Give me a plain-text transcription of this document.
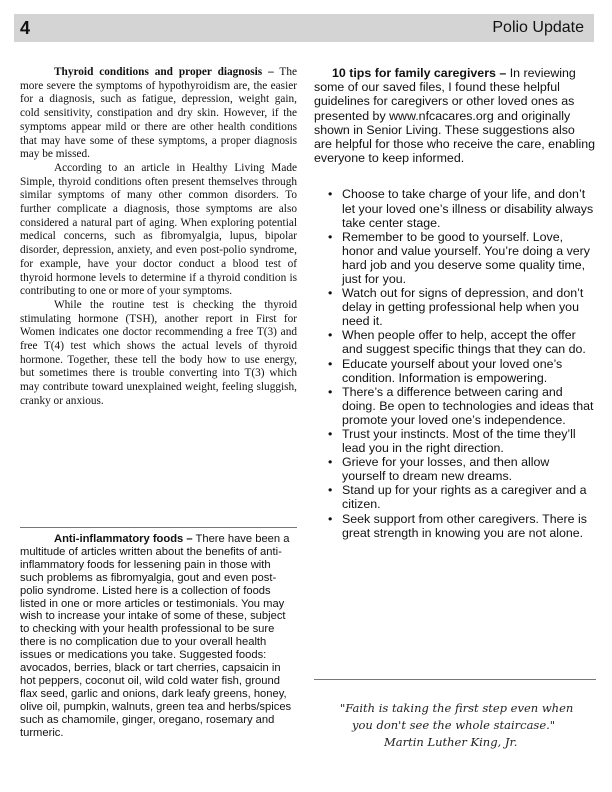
4	Polio Update

Thyroid conditions and proper diagnosis – The more severe the symptoms of hypothyroidism are, the easier for a diagnosis, such as fatigue, depression, weight gain, cold sensitivity, constipation and dry skin. However, if the symptoms appear mild or there are other health conditions that may have some of these symptoms, a proper diagnosis may be missed.

According to an article in Healthy Living Made Simple, thyroid conditions often present themselves through similar symptoms of many other common disorders. To further complicate a diagnosis, those symptoms are also considered a natural part of aging. When exploring potential medical concerns, such as fibromyalgia, lupus, bipolar disorder, depression, anxiety, and even post-polio syndrome, for example, have your doctor conduct a blood test of thyroid hormone levels to determine if a thyroid condition is contributing to one or more of your symptoms.

While the routine test is checking the thyroid stimulating hormone (TSH), another report in First for Women indicates one doctor recommending a free T(3) and free T(4) test which shows the actual levels of thyroid hormone. Together, these tell the body how to use energy, but sometimes there is trouble converting into T(3) which may contribute toward unexplained weight, feeling sluggish, cranky or anxious.

Anti-inflammatory foods – There have been a multitude of articles written about the benefits of anti-inflammatory foods for lessening pain in those with such problems as fibromyalgia, gout and even post-polio syndrome. Listed here is a collection of foods listed in one or more articles or testimonials. You may wish to increase your intake of some of these, subject to checking with your health professional to be sure there is no complication due to your overall health issues or medications you take. Suggested foods: avocados, berries, black or tart cherries, capsaicin in hot peppers, coconut oil, wild cold water fish, ground flax seed, garlic and onions, dark leafy greens, honey, olive oil, pumpkin, walnuts, green tea and herbs/spices such as chamomile, ginger, oregano, rosemary and turmeric.

10 tips for family caregivers – In reviewing some of our saved files, I found these helpful guidelines for caregivers or other loved ones as presented by www.nfcacares.org and originally shown in Senior Living. These suggestions also are helpful for those who receive the care, enabling everyone to keep informed.

• Choose to take charge of your life, and don’t let your loved one’s illness or disability always take center stage.
• Remember to be good to yourself. Love, honor and value yourself. You’re doing a very hard job and you deserve some quality time, just for you.
• Watch out for signs of depression, and don’t delay in getting professional help when you need it.
• When people offer to help, accept the offer and suggest specific things that they can do.
• Educate yourself about your loved one’s condition. Information is empowering.
• There’s a difference between caring and doing. Be open to technologies and ideas that promote your loved one’s independence.
• Trust your instincts. Most of the time they’ll lead you in the right direction.
• Grieve for your losses, and then allow yourself to dream new dreams.
• Stand up for your rights as a caregiver and a citizen.
• Seek support from other caregivers. There is great strength in knowing you are not alone.
"Faith is taking the first step even when
you don't see the whole staircase."
Martin Luther King, Jr.
